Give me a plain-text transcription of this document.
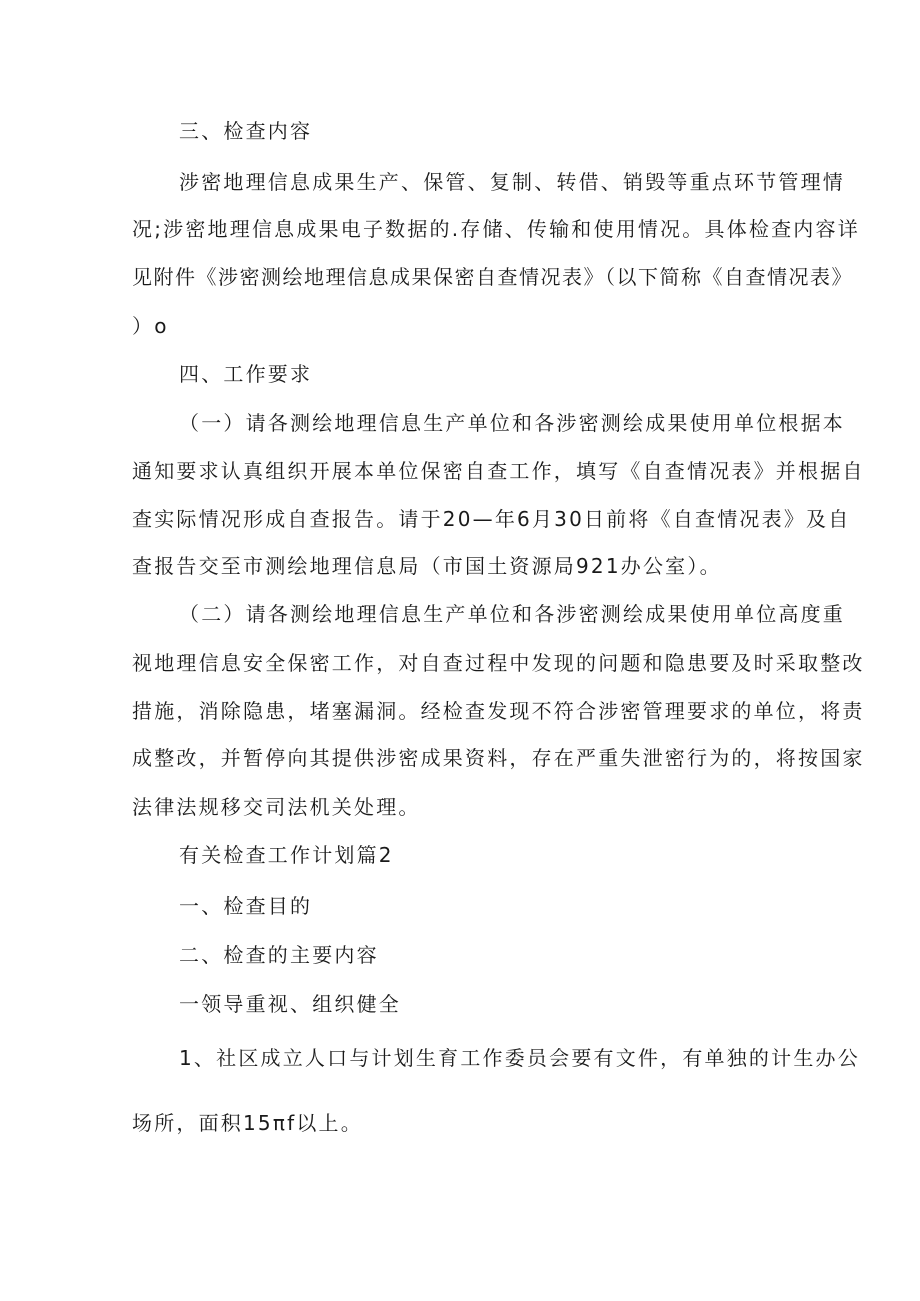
三、检查内容
涉密地理信息成果生产、保管、复制、转借、销毁等重点环节管理情
况;涉密地理信息成果电子数据的.存储、传输和使用情况。具体检查内容详
见附件《涉密测绘地理信息成果保密自查情况表》（以下简称《自查情况表》
）o
四、工作要求
（一）请各测绘地理信息生产单位和各涉密测绘成果使用单位根据本
通知要求认真组织开展本单位保密自查工作，填写《自查情况表》并根据自
查实际情况形成自查报告。请于20—年6月30日前将《自查情况表》及自
查报告交至市测绘地理信息局（市国土资源局921办公室）。
（二）请各测绘地理信息生产单位和各涉密测绘成果使用单位高度重
视地理信息安全保密工作，对自查过程中发现的问题和隐患要及时采取整改
措施，消除隐患，堵塞漏洞。经检查发现不符合涉密管理要求的单位，将责
成整改，并暂停向其提供涉密成果资料，存在严重失泄密行为的，将按国家
法律法规移交司法机关处理。
有关检查工作计划篇2
一、检查目的
二、检查的主要内容
一领导重视、组织健全
1、社区成立人口与计划生育工作委员会要有文件，有单独的计生办公
场所，面积15πf以上。
